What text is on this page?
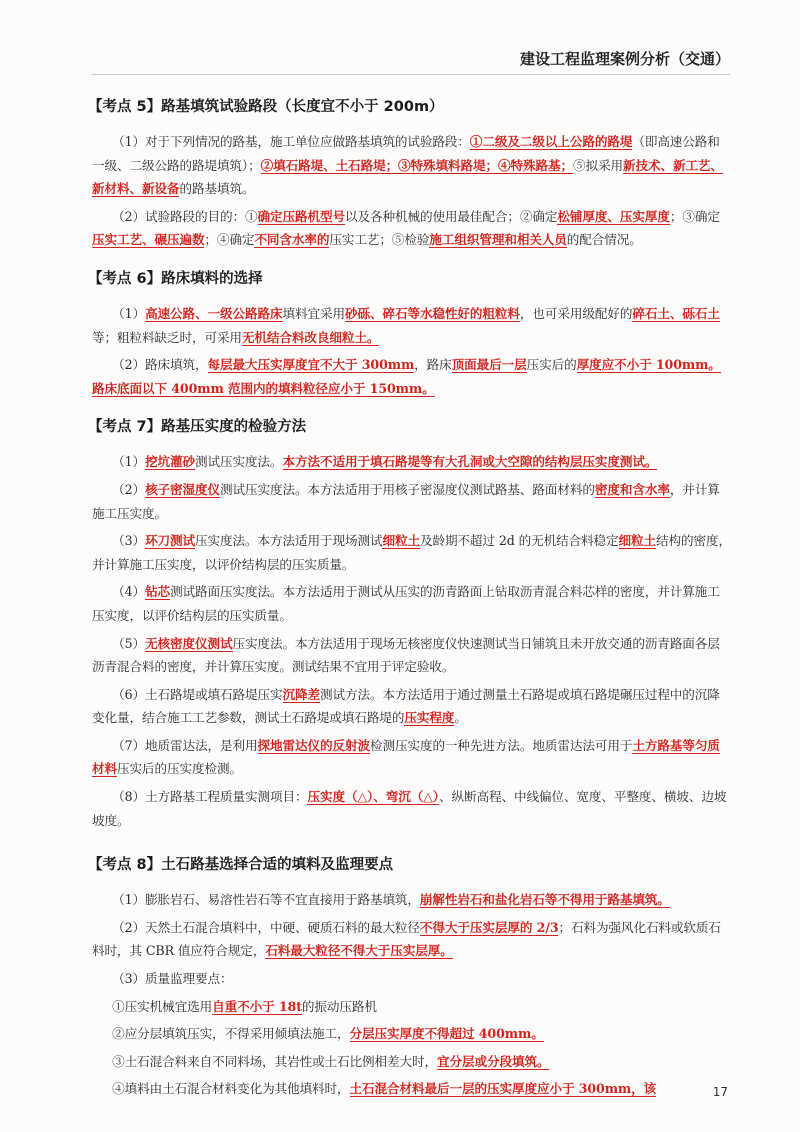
建设工程监理案例分析（交通）
【考点 5】路基填筑试验路段（长度宜不小于 200m）

（1）对于下列情况的路基，施工单位应做路基填筑的试验路段：①二级及二级以上公路的路堤（即高速公路和一级、二级公路的路堤填筑）；②填石路堤、土石路堤；③特殊填料路堤；④特殊路基；⑤拟采用新技术、新工艺、新材料、新设备的路基填筑。

（2）试验路段的目的：①确定压路机型号以及各种机械的使用最佳配合；②确定松铺厚度、压实厚度；③确定压实工艺、碾压遍数；④确定不同含水率的压实工艺；⑤检验施工组织管理和相关人员的配合情况。

【考点 6】路床填料的选择

（1）高速公路、一级公路路床填料宜采用砂砾、碎石等水稳性好的粗粒料，也可采用级配好的碎石土、砾石土等；粗粒料缺乏时，可采用无机结合料改良细粒土。

（2）路床填筑，每层最大压实厚度宜不大于 300mm，路床顶面最后一层压实后的厚度应不小于 100mm。路床底面以下 400mm 范围内的填料粒径应小于 150mm。

【考点 7】路基压实度的检验方法

（1）挖坑灌砂测试压实度法。本方法不适用于填石路堤等有大孔洞或大空隙的结构层压实度测试。

（2）核子密湿度仪测试压实度法。本方法适用于用核子密湿度仪测试路基、路面材料的密度和含水率，并计算施工压实度。

（3）环刀测试压实度法。本方法适用于现场测试细粒土及龄期不超过 2d 的无机结合料稳定细粒土结构的密度，并计算施工压实度，以评价结构层的压实质量。

（4）钻芯测试路面压实度法。本方法适用于测试从压实的沥青路面上钻取沥青混合料芯样的密度，并计算施工压实度，以评价结构层的压实质量。

（5）无核密度仪测试压实度法。本方法适用于现场无核密度仪快速测试当日铺筑且未开放交通的沥青路面各层沥青混合料的密度，并计算压实度。测试结果不宜用于评定验收。

（6）土石路堤或填石路堤压实沉降差测试方法。本方法适用于通过测量土石路堤或填石路堤碾压过程中的沉降变化量，结合施工工艺参数，测试土石路堤或填石路堤的压实程度。

（7）地质雷达法，是利用探地雷达仪的反射波检测压实度的一种先进方法。地质雷达法可用于土方路基等匀质材料压实后的压实度检测。

（8）土方路基工程质量实测项目：压实度（△）、弯沉（△）、纵断高程、中线偏位、宽度、平整度、横坡、边坡坡度。

【考点 8】土石路基选择合适的填料及监理要点

（1）膨胀岩石、易溶性岩石等不宜直接用于路基填筑，崩解性岩石和盐化岩石等不得用于路基填筑。

（2）天然土石混合填料中，中硬、硬质石料的最大粒径不得大于压实层厚的 2/3；石料为强风化石料或软质石料时，其 CBR 值应符合规定，石料最大粒径不得大于压实层厚。

（3）质量监理要点：

①压实机械宜选用自重不小于 18t的振动压路机

②应分层填筑压实，不得采用倾填法施工，分层压实厚度不得超过 400mm。

③土石混合料来自不同料场，其岩性或土石比例相差大时，宜分层或分段填筑。

④填料由土石混合材料变化为其他填料时，土石混合材料最后一层的压实厚度应小于 300mm，该	17
